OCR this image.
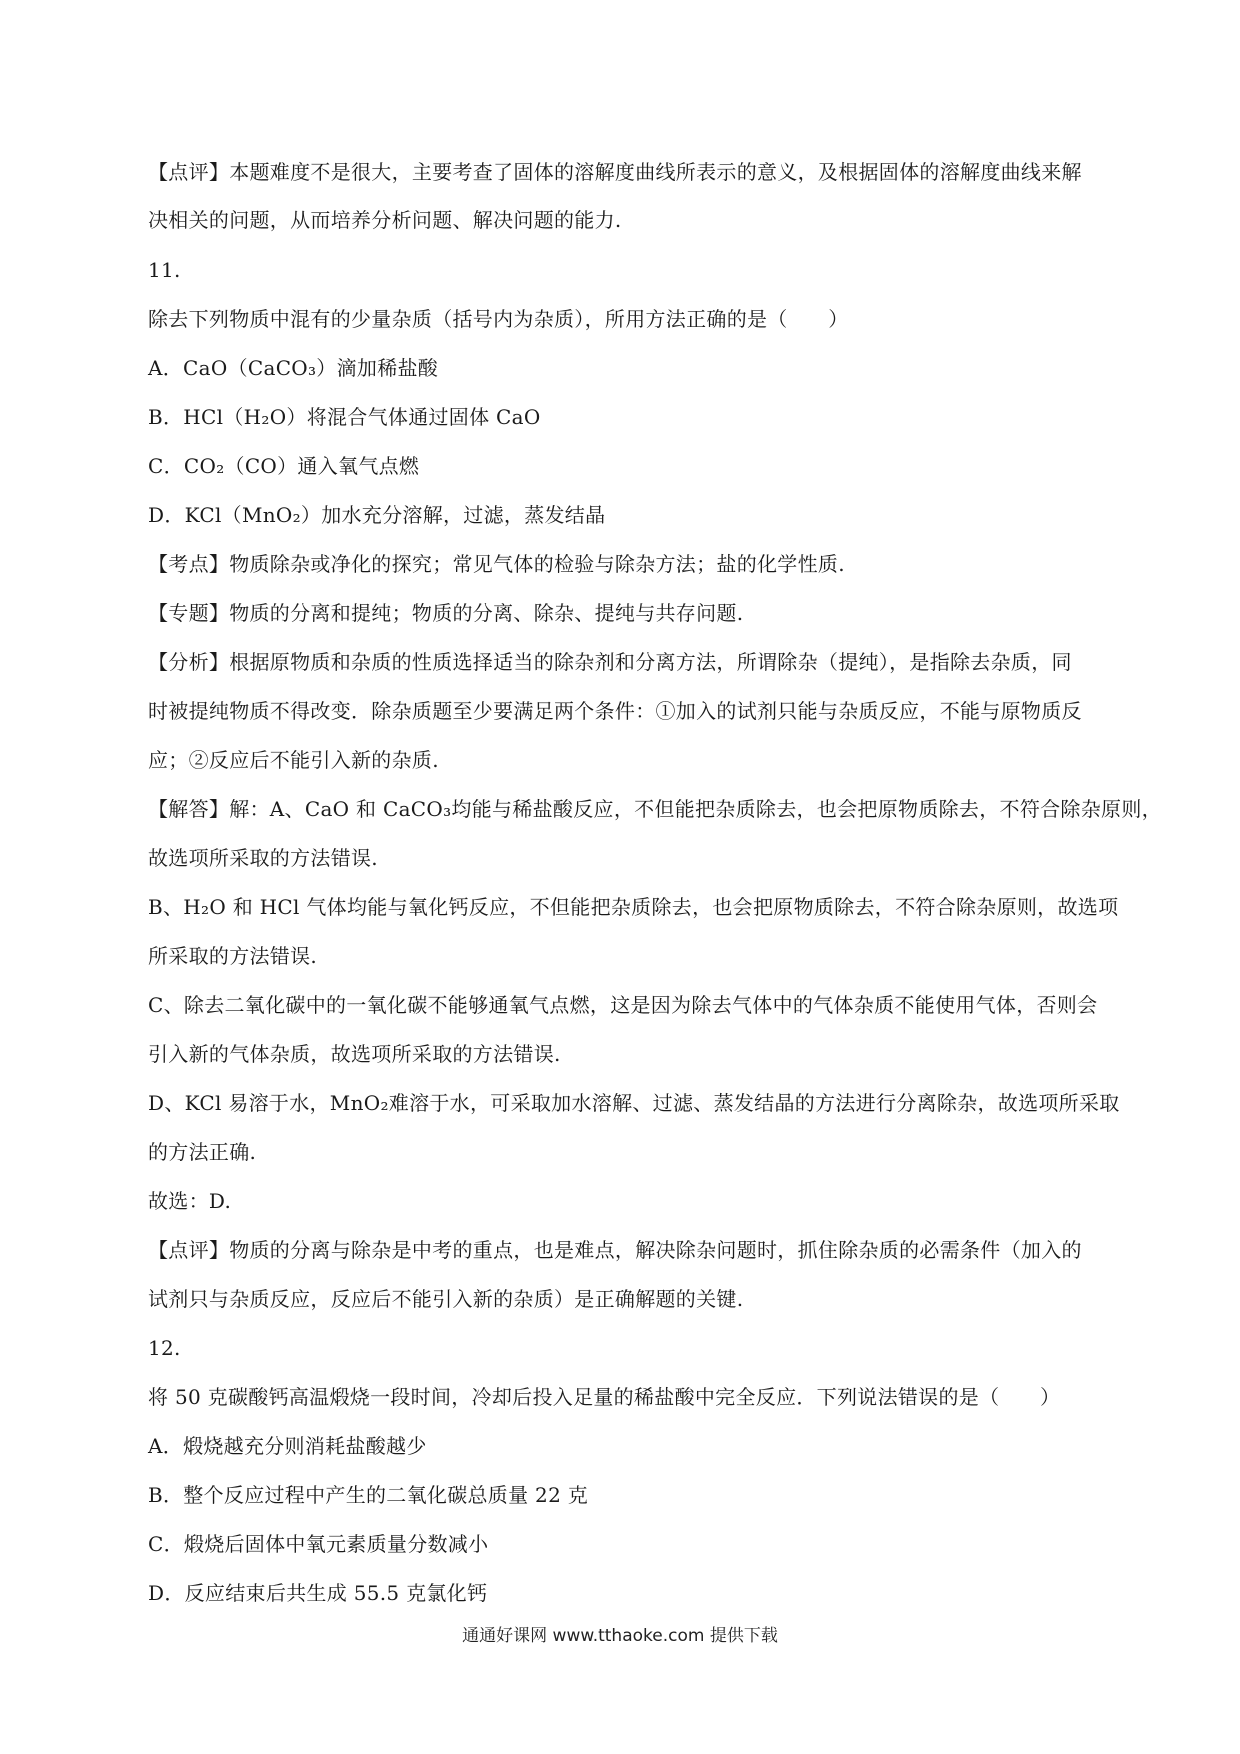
【点评】本题难度不是很大，主要考查了固体的溶解度曲线所表示的意义，及根据固体的溶解度曲线来解
决相关的问题，从而培养分析问题、解决问题的能力.
11.
除去下列物质中混有的少量杂质（括号内为杂质），所用方法正确的是（　　）
A．CaO（CaCO₃）滴加稀盐酸
B．HCl（H₂O）将混合气体通过固体 CaO
C．CO₂（CO）通入氧气点燃
D．KCl（MnO₂）加水充分溶解，过滤，蒸发结晶
【考点】物质除杂或净化的探究；常见气体的检验与除杂方法；盐的化学性质.
【专题】物质的分离和提纯；物质的分离、除杂、提纯与共存问题.
【分析】根据原物质和杂质的性质选择适当的除杂剂和分离方法，所谓除杂（提纯），是指除去杂质，同
时被提纯物质不得改变．除杂质题至少要满足两个条件：①加入的试剂只能与杂质反应，不能与原物质反
应；②反应后不能引入新的杂质.
【解答】解：A、CaO 和 CaCO₃均能与稀盐酸反应，不但能把杂质除去，也会把原物质除去，不符合除杂原则，
故选项所采取的方法错误.
B、H₂O 和 HCl 气体均能与氧化钙反应，不但能把杂质除去，也会把原物质除去，不符合除杂原则，故选项
所采取的方法错误.
C、除去二氧化碳中的一氧化碳不能够通氧气点燃，这是因为除去气体中的气体杂质不能使用气体，否则会
引入新的气体杂质，故选项所采取的方法错误.
D、KCl 易溶于水，MnO₂难溶于水，可采取加水溶解、过滤、蒸发结晶的方法进行分离除杂，故选项所采取
的方法正确.
故选：D.
【点评】物质的分离与除杂是中考的重点，也是难点，解决除杂问题时，抓住除杂质的必需条件（加入的
试剂只与杂质反应，反应后不能引入新的杂质）是正确解题的关键.
12.
将 50 克碳酸钙高温煅烧一段时间，冷却后投入足量的稀盐酸中完全反应．下列说法错误的是（　　）
A．煅烧越充分则消耗盐酸越少
B．整个反应过程中产生的二氧化碳总质量 22 克
C．煅烧后固体中氧元素质量分数减小
D．反应结束后共生成 55.5 克氯化钙
通通好课网 www.tthaoke.com 提供下载
